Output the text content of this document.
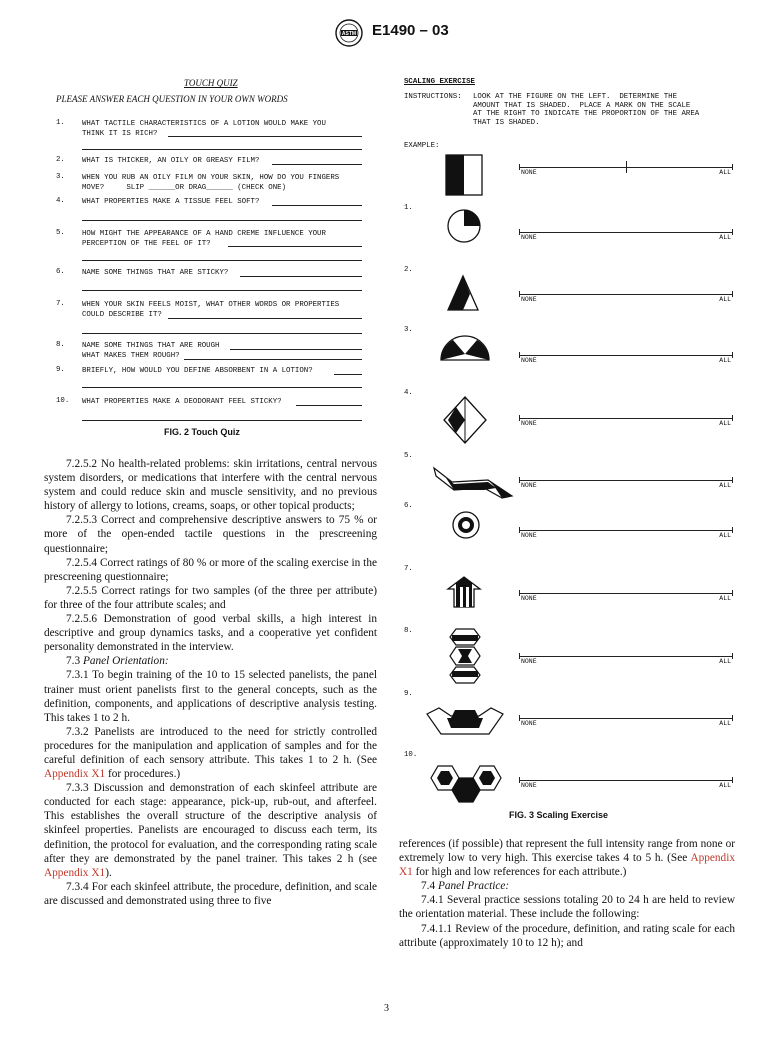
ASTM E1490 – 03
TOUCH QUIZ
PLEASE ANSWER EACH QUESTION IN YOUR OWN WORDS
1. WHAT TACTILE CHARACTERISTICS OF A LOTION WOULD MAKE YOU
THINK IT IS RICH?
2. WHAT IS THICKER, AN OILY OR GREASY FILM?
3. WHEN YOU RUB AN OILY FILM ON YOUR SKIN, HOW DO YOU FINGERS
MOVE?     SLIP ______OR DRAG______ (CHECK ONE)
4. WHAT PROPERTIES MAKE A TISSUE FEEL SOFT?
5. HOW MIGHT THE APPEARANCE OF A HAND CREME INFLUENCE YOUR
PERCEPTION OF THE FEEL OF IT?
6. NAME SOME THINGS THAT ARE STICKY?
7. WHEN YOUR SKIN FEELS MOIST, WHAT OTHER WORDS OR PROPERTIES
COULD DESCRIBE IT?
8. NAME SOME THINGS THAT ARE ROUGH
WHAT MAKES THEM ROUGH?
9. BRIEFLY, HOW WOULD YOU DEFINE ABSORBENT IN A LOTION?
10. WHAT PROPERTIES MAKE A DEODORANT FEEL STICKY?
FIG. 2 Touch Quiz

7.2.5.2 No health-related problems: skin irritations, central nervous system disorders, or medications that interfere with the central nervous system and could reduce skin and muscle sensitivity, and no previous history of allergy to lotions, creams, soaps, or other topical products;

7.2.5.3 Correct and comprehensive descriptive answers to 75 % or more of the open-ended tactile questions in the prescreening questionnaire;

7.2.5.4 Correct ratings of 80 % or more of the scaling exercise in the prescreening questionnaire;

7.2.5.5 Correct ratings for two samples (of the three per attribute) for three of the four attribute scales; and

7.2.5.6 Demonstration of good verbal skills, a high interest in descriptive and group dynamics tasks, and a cooperative yet confident personality demonstrated in the interview.

7.3 Panel Orientation:

7.3.1 To begin training of the 10 to 15 selected panelists, the panel trainer must orient panelists first to the general concepts, such as the definition, components, and applications of descriptive analysis testing. This takes 1 to 2 h.

7.3.2 Panelists are introduced to the need for strictly controlled procedures for the manipulation and application of samples and for the careful definition of each sensory attribute. This takes 1 to 2 h. (See Appendix X1 for procedures.)

7.3.3 Discussion and demonstration of each skinfeel attribute are conducted for each stage: appearance, pick-up, rub-out, and afterfeel. This establishes the overall structure of the descriptive analysis of skinfeel properties. Panelists are encouraged to discuss each term, its definition, the protocol for evaluation, and the corresponding rating scale after they are demonstrated by the panel trainer. This takes 2 h (see Appendix X1).

7.3.4 For each skinfeel attribute, the procedure, definition, and scale are discussed and demonstrated using three to five

SCALING EXERCISE
INSTRUCTIONS: LOOK AT THE FIGURE ON THE LEFT.  DETERMINE THE
AMOUNT THAT IS SHADED.  PLACE A MARK ON THE SCALE
AT THE RIGHT TO INDICATE THE PROPORTION OF THE AREA
THAT IS SHADED.
EXAMPLE:
NONE	ALL
1.
NONE	ALL
2.
NONE	ALL
3.
NONE	ALL
4.
NONE	ALL
5.
NONE	ALL
6.
NONE	ALL
7.
NONE	ALL
8.
NONE	ALL
9.
NONE	ALL
10.
NONE	ALL
FIG. 3 Scaling Exercise

references (if possible) that represent the full intensity range from none or extremely low to very high. This exercise takes 4 to 5 h. (See Appendix X1 for high and low references for each attribute.)

7.4 Panel Practice:

7.4.1 Several practice sessions totaling 20 to 24 h are held to review the orientation material. These include the following:

7.4.1.1 Review of the procedure, definition, and rating scale for each attribute (approximately 10 to 12 h); and

3
